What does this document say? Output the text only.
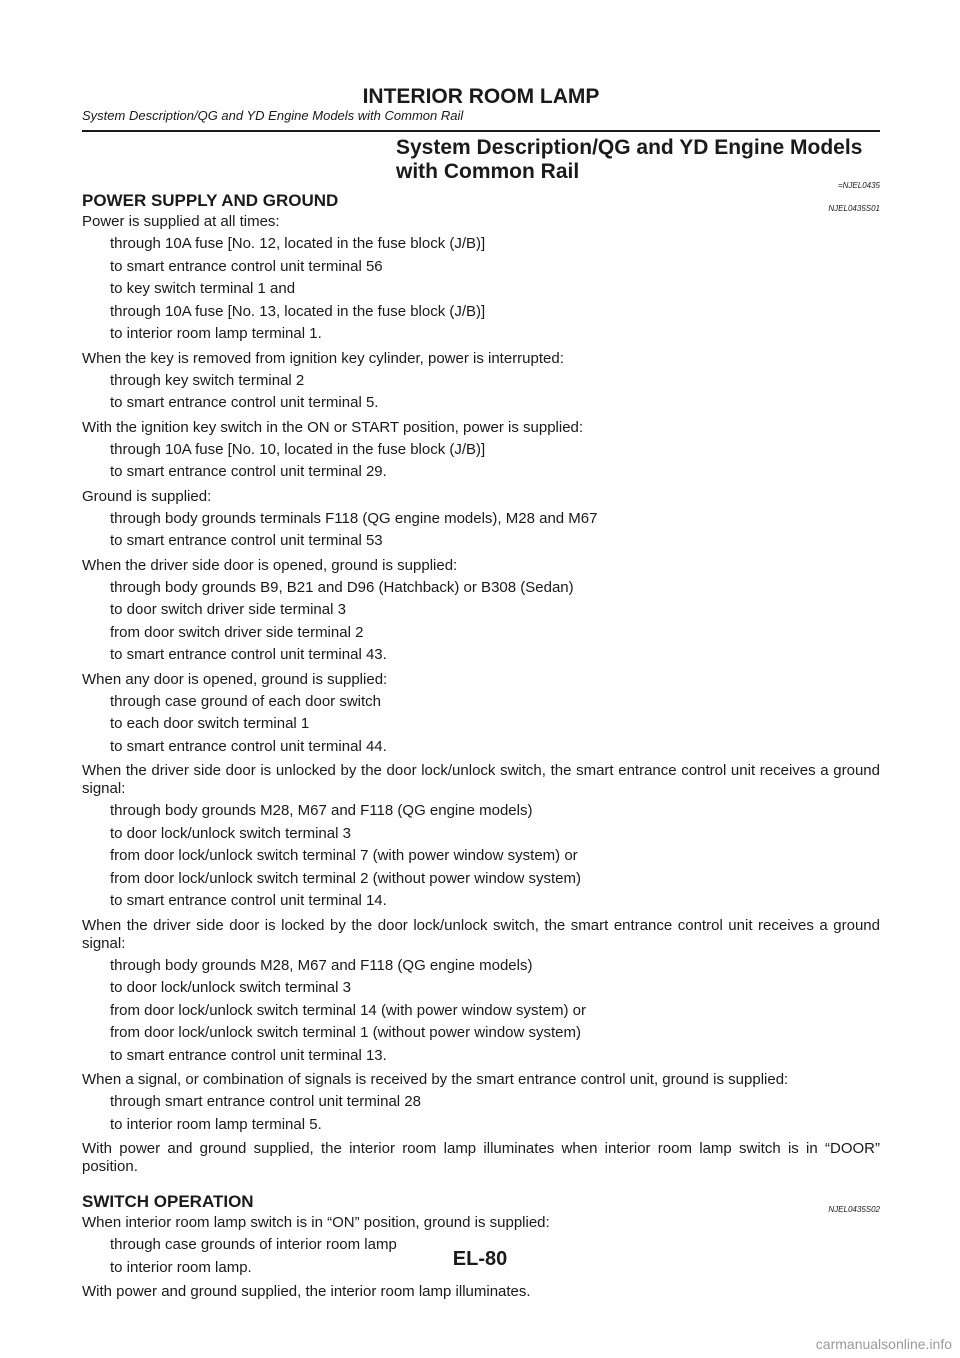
INTERIOR ROOM LAMP
System Description/QG and YD Engine Models with Common Rail
System Description/QG and YD Engine Models with Common Rail
=NJEL0435
POWER SUPPLY AND GROUND	NJEL0435S01
Power is supplied at all times:
through 10A fuse [No. 12, located in the fuse block (J/B)]
to smart entrance control unit terminal 56
to key switch terminal 1 and
through 10A fuse [No. 13, located in the fuse block (J/B)]
to interior room lamp terminal 1.
When the key is removed from ignition key cylinder, power is interrupted:
through key switch terminal 2
to smart entrance control unit terminal 5.
With the ignition key switch in the ON or START position, power is supplied:
through 10A fuse [No. 10, located in the fuse block (J/B)]
to smart entrance control unit terminal 29.
Ground is supplied:
through body grounds terminals F118 (QG engine models), M28 and M67
to smart entrance control unit terminal 53
When the driver side door is opened, ground is supplied:
through body grounds B9, B21 and D96 (Hatchback) or B308 (Sedan)
to door switch driver side terminal 3
from door switch driver side terminal 2
to smart entrance control unit terminal 43.
When any door is opened, ground is supplied:
through case ground of each door switch
to each door switch terminal 1
to smart entrance control unit terminal 44.
When the driver side door is unlocked by the door lock/unlock switch, the smart entrance control unit receives a ground signal:
through body grounds M28, M67 and F118 (QG engine models)
to door lock/unlock switch terminal 3
from door lock/unlock switch terminal 7 (with power window system) or
from door lock/unlock switch terminal 2 (without power window system)
to smart entrance control unit terminal 14.
When the driver side door is locked by the door lock/unlock switch, the smart entrance control unit receives a ground signal:
through body grounds M28, M67 and F118 (QG engine models)
to door lock/unlock switch terminal 3
from door lock/unlock switch terminal 14 (with power window system) or
from door lock/unlock switch terminal 1 (without power window system)
to smart entrance control unit terminal 13.
When a signal, or combination of signals is received by the smart entrance control unit, ground is supplied:
through smart entrance control unit terminal 28
to interior room lamp terminal 5.
With power and ground supplied, the interior room lamp illuminates when interior room lamp switch is in “DOOR” position.
SWITCH OPERATION	NJEL0435S02
When interior room lamp switch is in “ON” position, ground is supplied:
through case grounds of interior room lamp
to interior room lamp.
With power and ground supplied, the interior room lamp illuminates.
EL-80
carmanualsonline.info
